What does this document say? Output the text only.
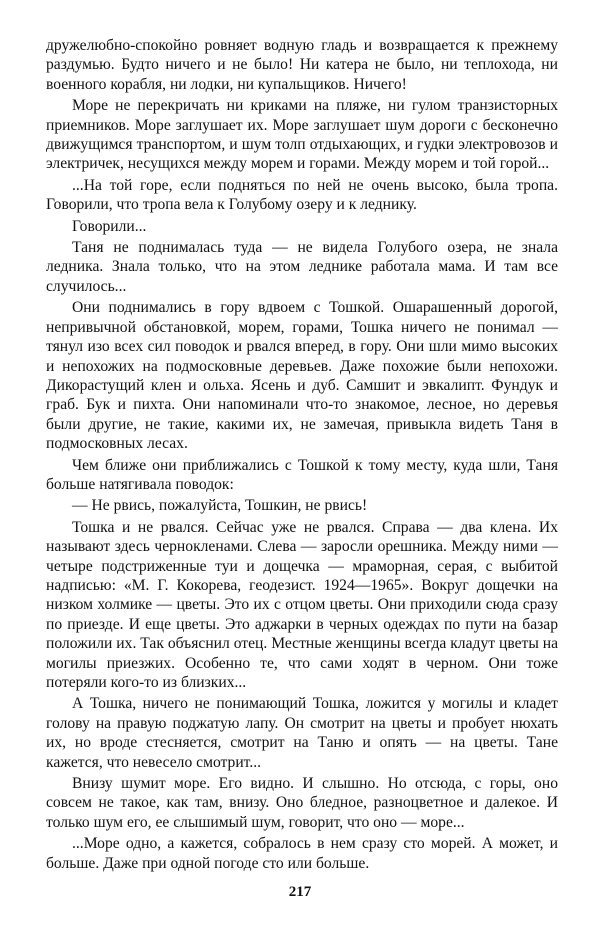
дружелюбно-спокойно ровняет водную гладь и возвращается к прежнему раздумью. Будто ничего и не было! Ни катера не было, ни теплохода, ни военного корабля, ни лодки, ни купальщиков. Ничего!

Море не перекричать ни криками на пляже, ни гулом транзисторных приемников. Море заглушает их. Море заглушает шум дороги с бесконечно движущимся транспортом, и шум толп отдыхающих, и гудки электровозов и электричек, несущихся между морем и горами. Между морем и той горой...

...На той горе, если подняться по ней не очень высоко, была тропа. Говорили, что тропа вела к Голубому озеру и к леднику.

Говорили...

Таня не поднималась туда — не видела Голубого озера, не знала ледника. Знала только, что на этом леднике работала мама. И там все случилось...

Они поднимались в гору вдвоем с Тошкой. Ошарашенный дорогой, непривычной обстановкой, морем, горами, Тошка ничего не понимал — тянул изо всех сил поводок и рвался вперед, в гору. Они шли мимо высоких и непохожих на подмосковные деревьев. Даже похожие были непохожи. Дикорастущий клен и ольха. Ясень и дуб. Самшит и эвкалипт. Фундук и граб. Бук и пихта. Они напоминали что-то знакомое, лесное, но деревья были другие, не такие, какими их, не замечая, привыкла видеть Таня в подмосковных лесах.

Чем ближе они приближались с Тошкой к тому месту, куда шли, Таня больше натягивала поводок:

— Не рвись, пожалуйста, Тошкин, не рвись!

Тошка и не рвался. Сейчас уже не рвался. Справа — два клена. Их называют здесь чернокленами. Слева — заросли орешника. Между ними — четыре подстриженные туи и дощечка — мраморная, серая, с выбитой надписью: «М. Г. Кокорева, геодезист. 1924—1965». Вокруг дощечки на низком холмике — цветы. Это их с отцом цветы. Они приходили сюда сразу по приезде. И еще цветы. Это аджарки в черных одеждах по пути на базар положили их. Так объяснил отец. Местные женщины всегда кладут цветы на могилы приезжих. Особенно те, что сами ходят в черном. Они тоже потеряли кого-то из близких...

А Тошка, ничего не понимающий Тошка, ложится у могилы и кладет голову на правую поджатую лапу. Он смотрит на цветы и пробует нюхать их, но вроде стесняется, смотрит на Таню и опять — на цветы. Тане кажется, что невесело смотрит...

Внизу шумит море. Его видно. И слышно. Но отсюда, с горы, оно совсем не такое, как там, внизу. Оно бледное, разноцветное и далекое. И только шум его, ее слышимый шум, говорит, что оно — море...

...Море одно, а кажется, собралось в нем сразу сто морей. А может, и больше. Даже при одной погоде сто или больше.

217
